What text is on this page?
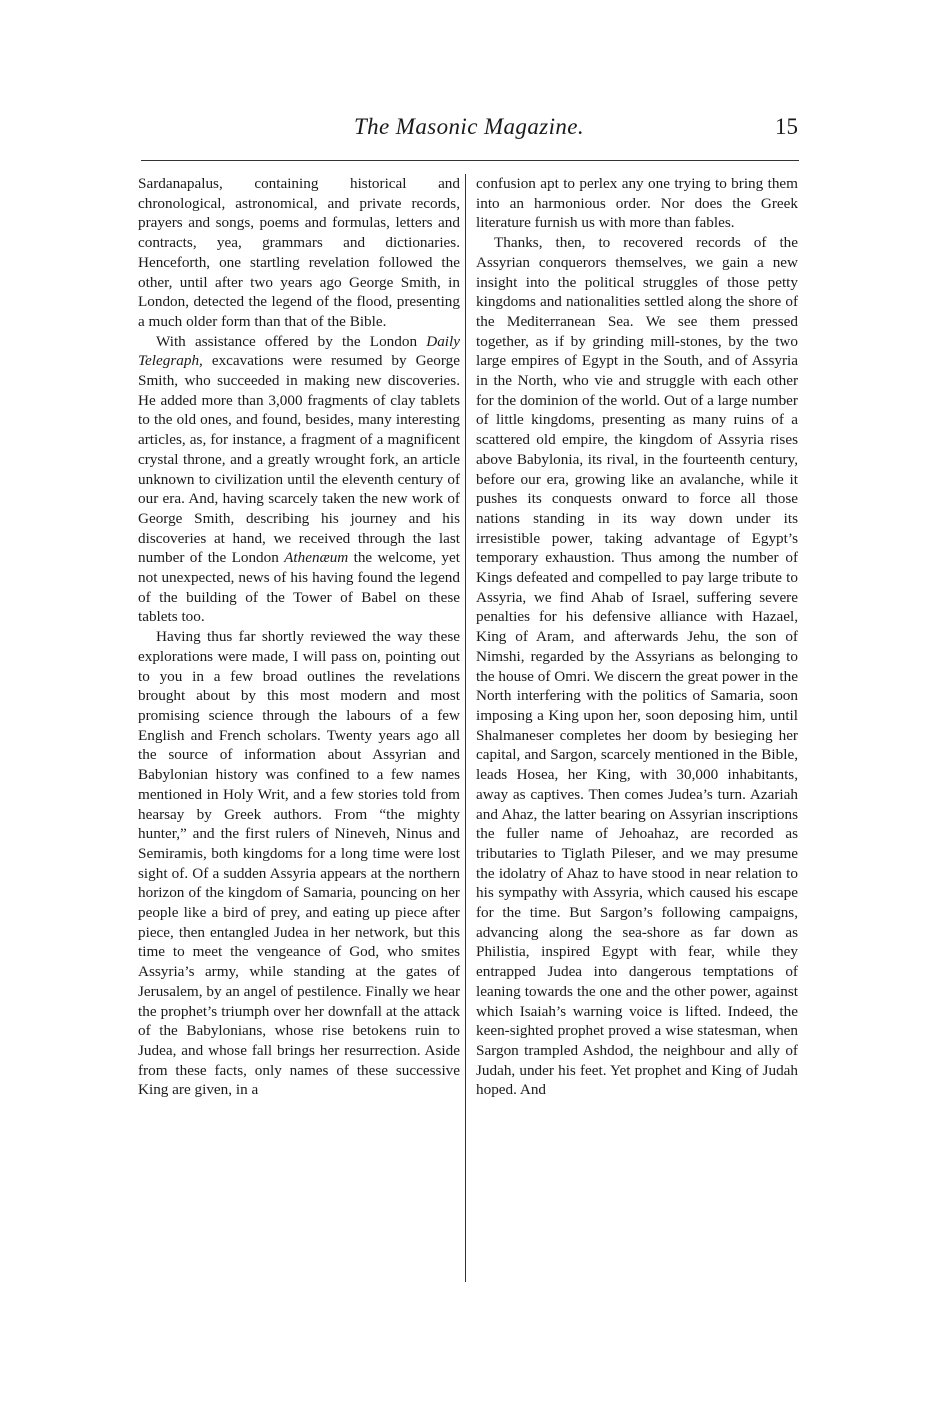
The Masonic Magazine.	15

Sardanapalus, containing historical and chronological, astronomical, and private records, prayers and songs, poems and formulas, letters and contracts, yea, grammars and dictionaries. Henceforth, one startling revelation followed the other, until after two years ago George Smith, in London, detected the legend of the flood, presenting a much older form than that of the Bible.

With assistance offered by the London Daily Telegraph, excavations were resumed by George Smith, who succeeded in making new discoveries. He added more than 3,000 fragments of clay tablets to the old ones, and found, besides, many interesting articles, as, for instance, a fragment of a magnificent crystal throne, and a greatly wrought fork, an article unknown to civilization until the eleventh century of our era. And, having scarcely taken the new work of George Smith, describing his journey and his discoveries at hand, we received through the last number of the London Athenæum the welcome, yet not unexpected, news of his having found the legend of the building of the Tower of Babel on these tablets too.

Having thus far shortly reviewed the way these explorations were made, I will pass on, pointing out to you in a few broad outlines the revelations brought about by this most modern and most promising science through the labours of a few English and French scholars. Twenty years ago all the source of information about Assyrian and Babylonian history was confined to a few names mentioned in Holy Writ, and a few stories told from hearsay by Greek authors. From “the mighty hunter,” and the first rulers of Nineveh, Ninus and Semiramis, both kingdoms for a long time were lost sight of. Of a sudden Assyria appears at the northern horizon of the kingdom of Samaria, pouncing on her people like a bird of prey, and eating up piece after piece, then entangled Judea in her network, but this time to meet the vengeance of God, who smites Assyria’s army, while standing at the gates of Jerusalem, by an angel of pestilence. Finally we hear the prophet’s triumph over her downfall at the attack of the Babylonians, whose rise betokens ruin to Judea, and whose fall brings her resurrection. Aside from these facts, only names of these successive King are given, in a

confusion apt to perlex any one trying to bring them into an harmonious order. Nor does the Greek literature furnish us with more than fables.

Thanks, then, to recovered records of the Assyrian conquerors themselves, we gain a new insight into the political struggles of those petty kingdoms and nationalities settled along the shore of the Mediterranean Sea. We see them pressed together, as if by grinding mill-stones, by the two large empires of Egypt in the South, and of Assyria in the North, who vie and struggle with each other for the dominion of the world. Out of a large number of little kingdoms, presenting as many ruins of a scattered old empire, the kingdom of Assyria rises above Babylonia, its rival, in the fourteenth century, before our era, growing like an avalanche, while it pushes its conquests onward to force all those nations standing in its way down under its irresistible power, taking advantage of Egypt’s temporary exhaustion. Thus among the number of Kings defeated and compelled to pay large tribute to Assyria, we find Ahab of Israel, suffering severe penalties for his defensive alliance with Hazael, King of Aram, and afterwards Jehu, the son of Nimshi, regarded by the Assyrians as belonging to the house of Omri. We discern the great power in the North interfering with the politics of Samaria, soon imposing a King upon her, soon deposing him, until Shalmaneser completes her doom by besieging her capital, and Sargon, scarcely mentioned in the Bible, leads Hosea, her King, with 30,000 inhabitants, away as captives. Then comes Judea’s turn. Azariah and Ahaz, the latter bearing on Assyrian inscriptions the fuller name of Jehoahaz, are recorded as tributaries to Tiglath Pileser, and we may presume the idolatry of Ahaz to have stood in near relation to his sympathy with Assyria, which caused his escape for the time. But Sargon’s following campaigns, advancing along the sea-shore as far down as Philistia, inspired Egypt with fear, while they entrapped Judea into dangerous temptations of leaning towards the one and the other power, against which Isaiah’s warning voice is lifted. Indeed, the keen-sighted prophet proved a wise statesman, when Sargon trampled Ashdod, the neighbour and ally of Judah, under his feet. Yet prophet and King of Judah hoped. And
